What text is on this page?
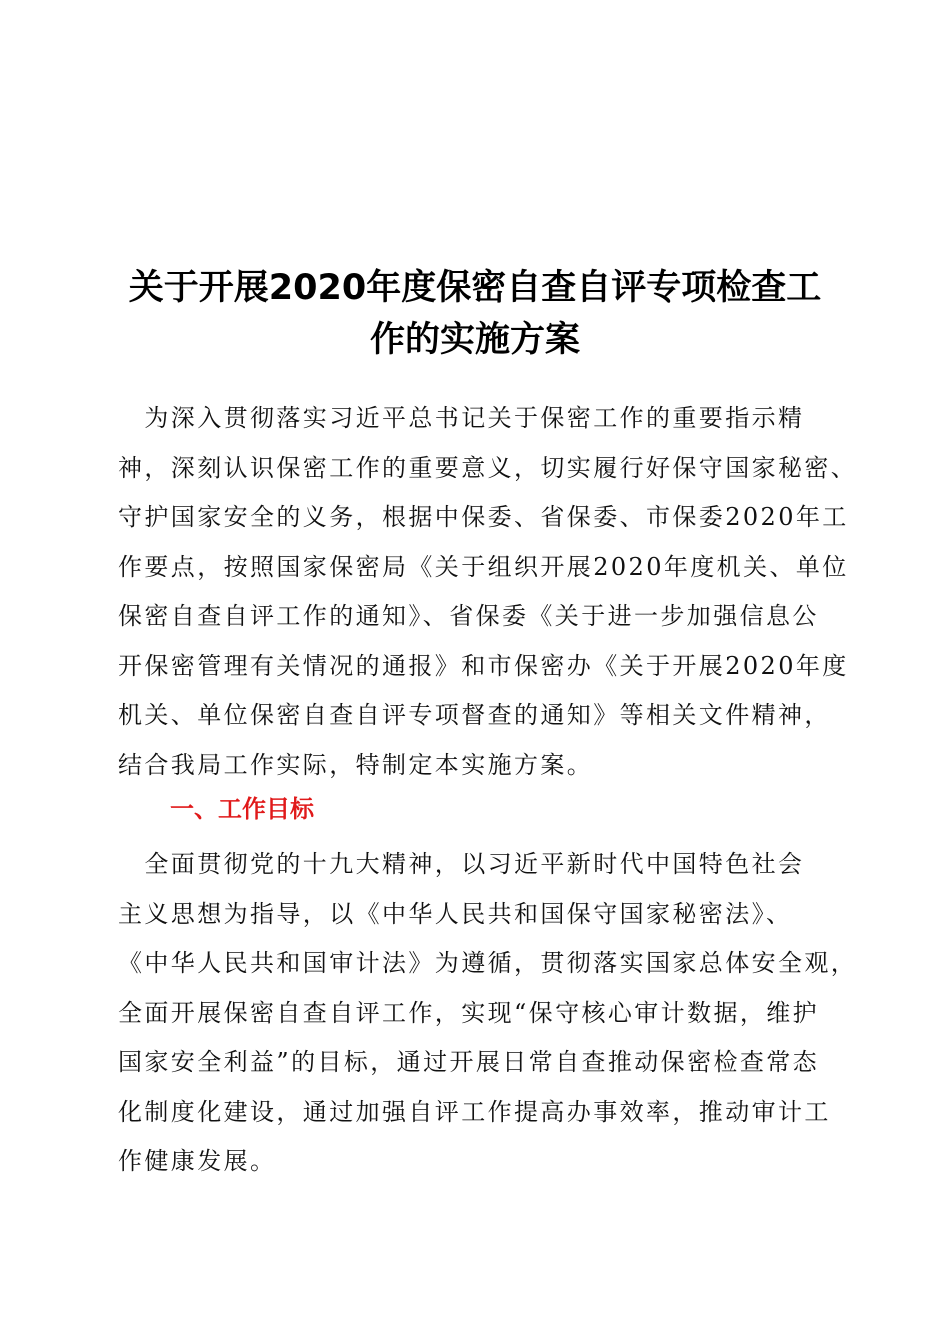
关于开展2020年度保密自查自评专项检查工
作的实施方案
　为深入贯彻落实习近平总书记关于保密工作的重要指示精
神，深刻认识保密工作的重要意义，切实履行好保守国家秘密、
守护国家安全的义务，根据中保委、省保委、市保委2020年工
作要点，按照国家保密局《关于组织开展2020年度机关、单位
保密自查自评工作的通知》、省保委《关于进一步加强信息公
开保密管理有关情况的通报》和市保密办《关于开展2020年度
机关、单位保密自查自评专项督查的通知》等相关文件精神，
结合我局工作实际，特制定本实施方案。
一、工作目标
　全面贯彻党的十九大精神，以习近平新时代中国特色社会
主义思想为指导，以《中华人民共和国保守国家秘密法》、
《中华人民共和国审计法》为遵循，贯彻落实国家总体安全观，
全面开展保密自查自评工作，实现“保守核心审计数据，维护
国家安全利益”的目标，通过开展日常自查推动保密检查常态
化制度化建设，通过加强自评工作提高办事效率，推动审计工
作健康发展。
